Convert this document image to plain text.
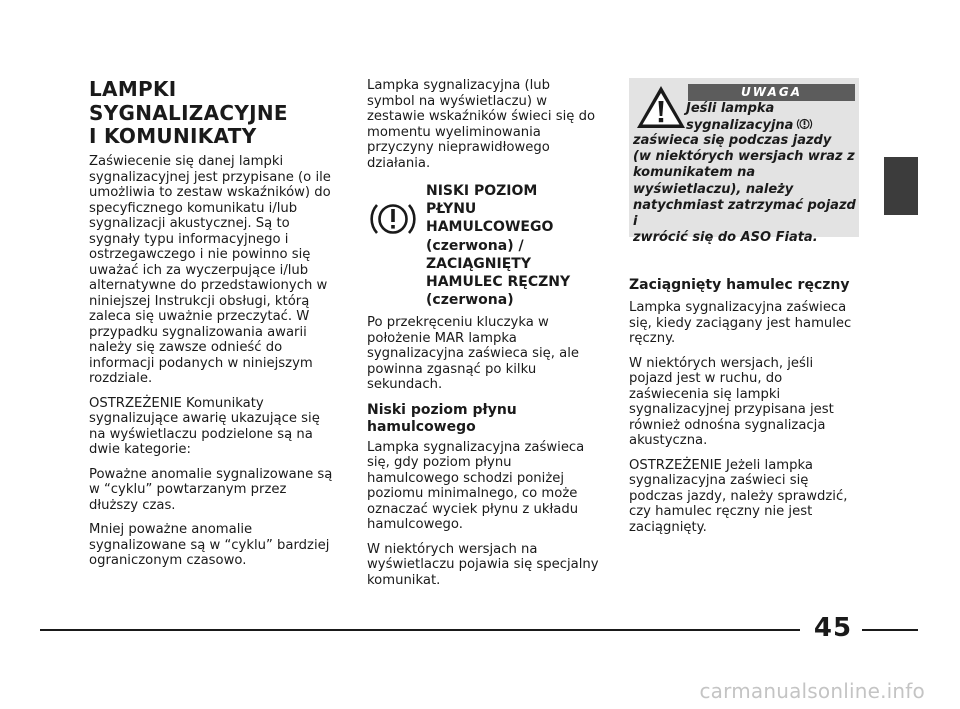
LAMPKI
SYGNALIZACYJNE
I KOMUNIKATY

Zaświecenie się danej lampki sygnalizacyjnej jest przypisane (o ile umożliwia to zestaw wskaźników) do specyficznego komunikatu i/lub sygnalizacji akustycznej. Są to sygnały typu informacyjnego i ostrzegawczego i nie powinno się uważać ich za wyczerpujące i/lub alternatywne do przedstawionych w niniejszej Instrukcji obsługi, którą zaleca się uważnie przeczytać. W przypadku sygnalizowania awarii należy się zawsze odnieść do informacji podanych w niniejszym rozdziale.

OSTRZEŻENIE Komunikaty sygnalizujące awarię ukazujące się na wyświetlaczu podzielone są na dwie kategorie:

Poważne anomalie sygnalizowane są w “cyklu” powtarzanym przez dłuższy czas.

Mniej poważne anomalie sygnalizowane są w “cyklu” bardziej ograniczonym czasowo.

Lampka sygnalizacyjna (lub symbol na wyświetlaczu) w zestawie wskaźników świeci się do momentu wyeliminowania przyczyny nieprawidłowego działania.

NISKI POZIOM
PŁYNU
HAMULCOWEGO
(czerwona) /
ZACIĄGNIĘTY
HAMULEC RĘCZNY
(czerwona)

Po przekręceniu kluczyka w położenie MAR lampka sygnalizacyjna zaświeca się, ale powinna zgasnąć po kilku sekundach.

Niski poziom płynu hamulcowego

Lampka sygnalizacyjna zaświeca się, gdy poziom płynu hamulcowego schodzi poniżej poziomu minimalnego, co może oznaczać wyciek płynu z układu hamulcowego.

W niektórych wersjach na wyświetlaczu pojawia się specjalny komunikat.

UWAGA

Jeśli lampka

sygnalizacyjna

zaświeca się podczas jazdy
(w niektórych wersjach wraz z
komunikatem na
wyświetlaczu), należy
natychmiast zatrzymać pojazd i
zwrócić się do ASO Fiata.

Zaciągnięty hamulec ręczny

Lampka sygnalizacyjna zaświeca się, kiedy zaciągany jest hamulec ręczny.

W niektórych wersjach, jeśli pojazd jest w ruchu, do zaświecenia się lampki sygnalizacyjnej przypisana jest również odnośna sygnalizacja akustyczna.

OSTRZEŻENIE Jeżeli lampka sygnalizacyjna zaświeci się podczas jazdy, należy sprawdzić, czy hamulec ręczny nie jest zaciągnięty.

45
carmanualsonline.info
